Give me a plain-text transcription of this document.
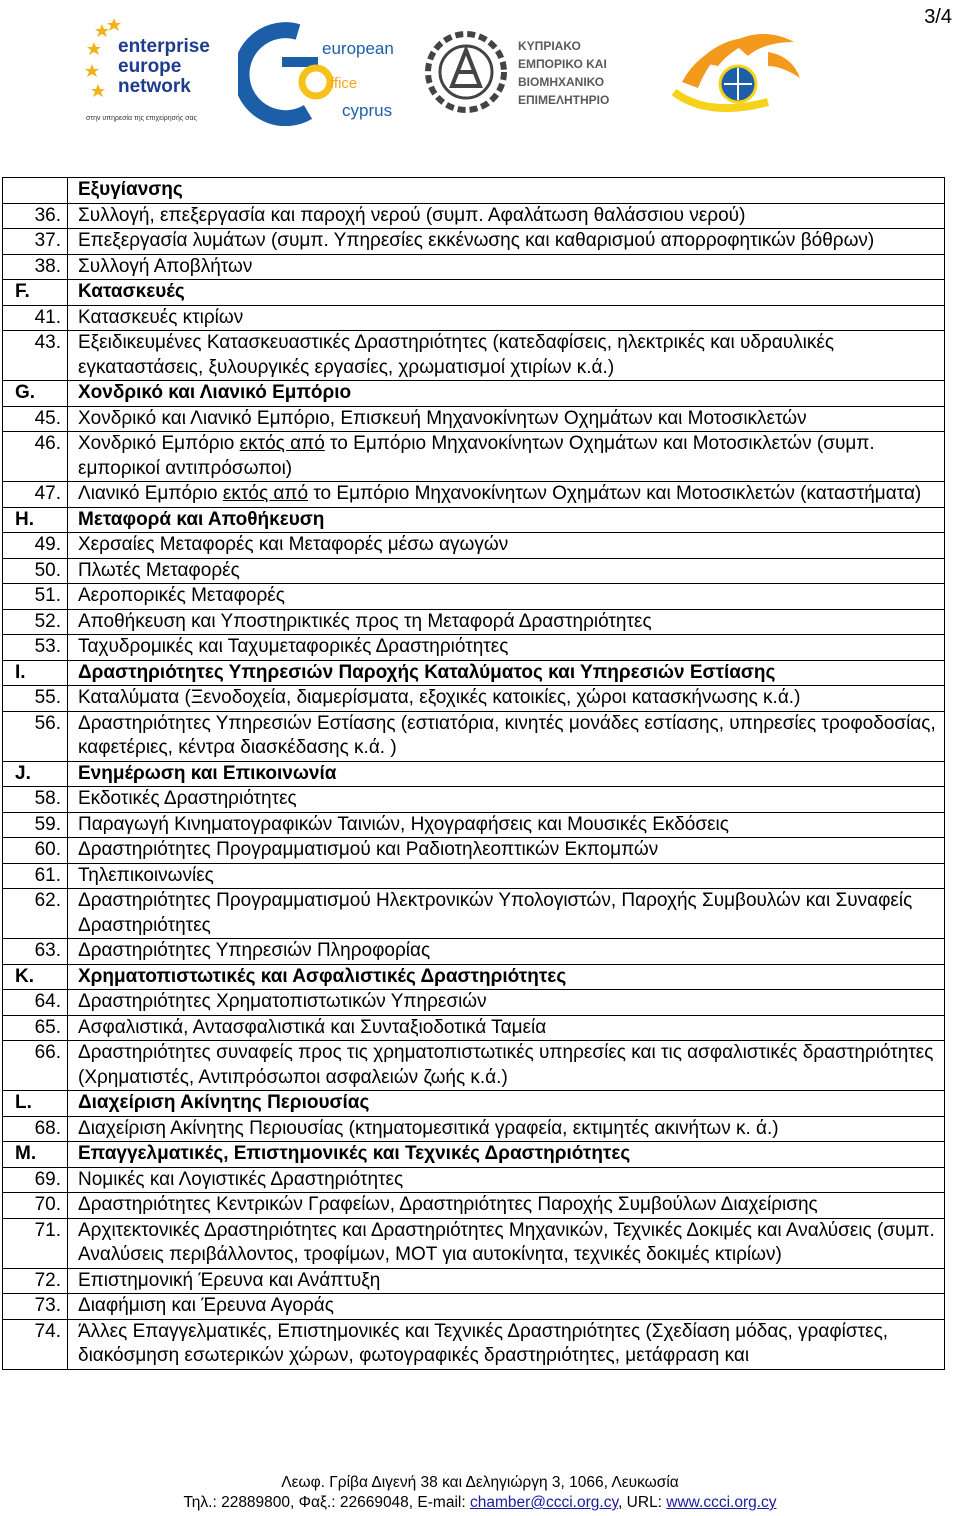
3/4
enterprise
europe
network
στην υπηρεσία της επιχείρησής σας
european
ffice
cyprus
ΚΥΠΡΙΑΚΟ
ΕΜΠΟΡΙΚΟ ΚΑΙ
ΒΙΟΜΗΧΑΝΙΚΟ
ΕΠΙΜΕΛΗΤΗΡΙΟ
	Εξυγίανσης
36.	Συλλογή, επεξεργασία και παροχή νερού (συμπ. Αφαλάτωση θαλάσσιου νερού)
37.	Επεξεργασία λυμάτων (συμπ. Υπηρεσίες εκκένωσης και καθαρισμού απορροφητικών βόθρων)
38.	Συλλογή Αποβλήτων
F.	Κατασκευές
41.	Κατασκευές κτιρίων
43.	Εξειδικευμένες Κατασκευαστικές Δραστηριότητες (κατεδαφίσεις, ηλεκτρικές και υδραυλικές εγκαταστάσεις, ξυλουργικές εργασίες, χρωματισμοί χτιρίων κ.ά.)
G.	Χονδρικό και Λιανικό Εμπόριο
45.	Χονδρικό και Λιανικό Εμπόριο, Επισκευή Μηχανοκίνητων Οχημάτων και Μοτοσικλετών
46.	Χονδρικό Εμπόριο εκτός από το Εμπόριο Μηχανοκίνητων Οχημάτων και Μοτοσικλετών (συμπ. εμπορικοί αντιπρόσωποι)
47.	Λιανικό Εμπόριο εκτός από το Εμπόριο Μηχανοκίνητων Οχημάτων και Μοτοσικλετών (καταστήματα)
H.	Μεταφορά και Αποθήκευση
49.	Χερσαίες Μεταφορές και Μεταφορές μέσω αγωγών
50.	Πλωτές Μεταφορές
51.	Αεροπορικές Μεταφορές
52.	Αποθήκευση και Υποστηρικτικές προς τη Μεταφορά Δραστηριότητες
53.	Ταχυδρομικές και Ταχυμεταφορικές Δραστηριότητες
I.	Δραστηριότητες Υπηρεσιών Παροχής Καταλύματος και Υπηρεσιών Εστίασης
55.	Καταλύματα (Ξενοδοχεία, διαμερίσματα, εξοχικές κατοικίες, χώροι κατασκήνωσης κ.ά.)
56.	Δραστηριότητες Υπηρεσιών Εστίασης (εστιατόρια, κινητές μονάδες εστίασης, υπηρεσίες τροφοδοσίας, καφετέριες, κέντρα διασκέδασης κ.ά. )
J.	Ενημέρωση και Επικοινωνία
58.	Εκδοτικές Δραστηριότητες
59.	Παραγωγή Κινηματογραφικών Ταινιών, Ηχογραφήσεις και Μουσικές Εκδόσεις
60.	Δραστηριότητες Προγραμματισμού και Ραδιοτηλεοπτικών Εκπομπών
61.	Τηλεπικοινωνίες
62.	Δραστηριότητες Προγραμματισμού Ηλεκτρονικών Υπολογιστών, Παροχής Συμβουλών και Συναφείς Δραστηριότητες
63.	Δραστηριότητες Υπηρεσιών Πληροφορίας
K.	Χρηματοπιστωτικές και Ασφαλιστικές Δραστηριότητες
64.	Δραστηριότητες Χρηματοπιστωτικών Υπηρεσιών
65.	Ασφαλιστικά, Αντασφαλιστικά και Συνταξιοδοτικά Ταμεία
66.	Δραστηριότητες συναφείς προς τις χρηματοπιστωτικές υπηρεσίες και τις ασφαλιστικές δραστηριότητες (Χρηματιστές, Αντιπρόσωποι ασφαλειών ζωής κ.ά.)
L.	Διαχείριση Ακίνητης Περιουσίας
68.	Διαχείριση Ακίνητης Περιουσίας (κτηματομεσιτικά γραφεία, εκτιμητές ακινήτων κ. ά.)
M.	Επαγγελματικές, Επιστημονικές και Τεχνικές Δραστηριότητες
69.	Νομικές και Λογιστικές Δραστηριότητες
70.	Δραστηριότητες Κεντρικών Γραφείων, Δραστηριότητες Παροχής Συμβούλων Διαχείρισης
71.	Αρχιτεκτονικές Δραστηριότητες και Δραστηριότητες Μηχανικών, Τεχνικές Δοκιμές και Αναλύσεις (συμπ. Αναλύσεις περιβάλλοντος, τροφίμων, MOT για αυτοκίνητα, τεχνικές δοκιμές κτιρίων)
72.	Επιστημονική Έρευνα και Ανάπτυξη
73.	Διαφήμιση και Έρευνα Αγοράς
74.	Άλλες Επαγγελματικές, Επιστημονικές και Τεχνικές Δραστηριότητες (Σχεδίαση μόδας, γραφίστες, διακόσμηση εσωτερικών χώρων, φωτογραφικές δραστηριότητες, μετάφραση και
Λεωφ. Γρίβα Διγενή 38 και Δεληγιώργη 3, 1066, Λευκωσία
Τηλ.: 22889800, Φαξ.: 22669048, E-mail: chamber@ccci.org.cy, URL: www.ccci.org.cy
